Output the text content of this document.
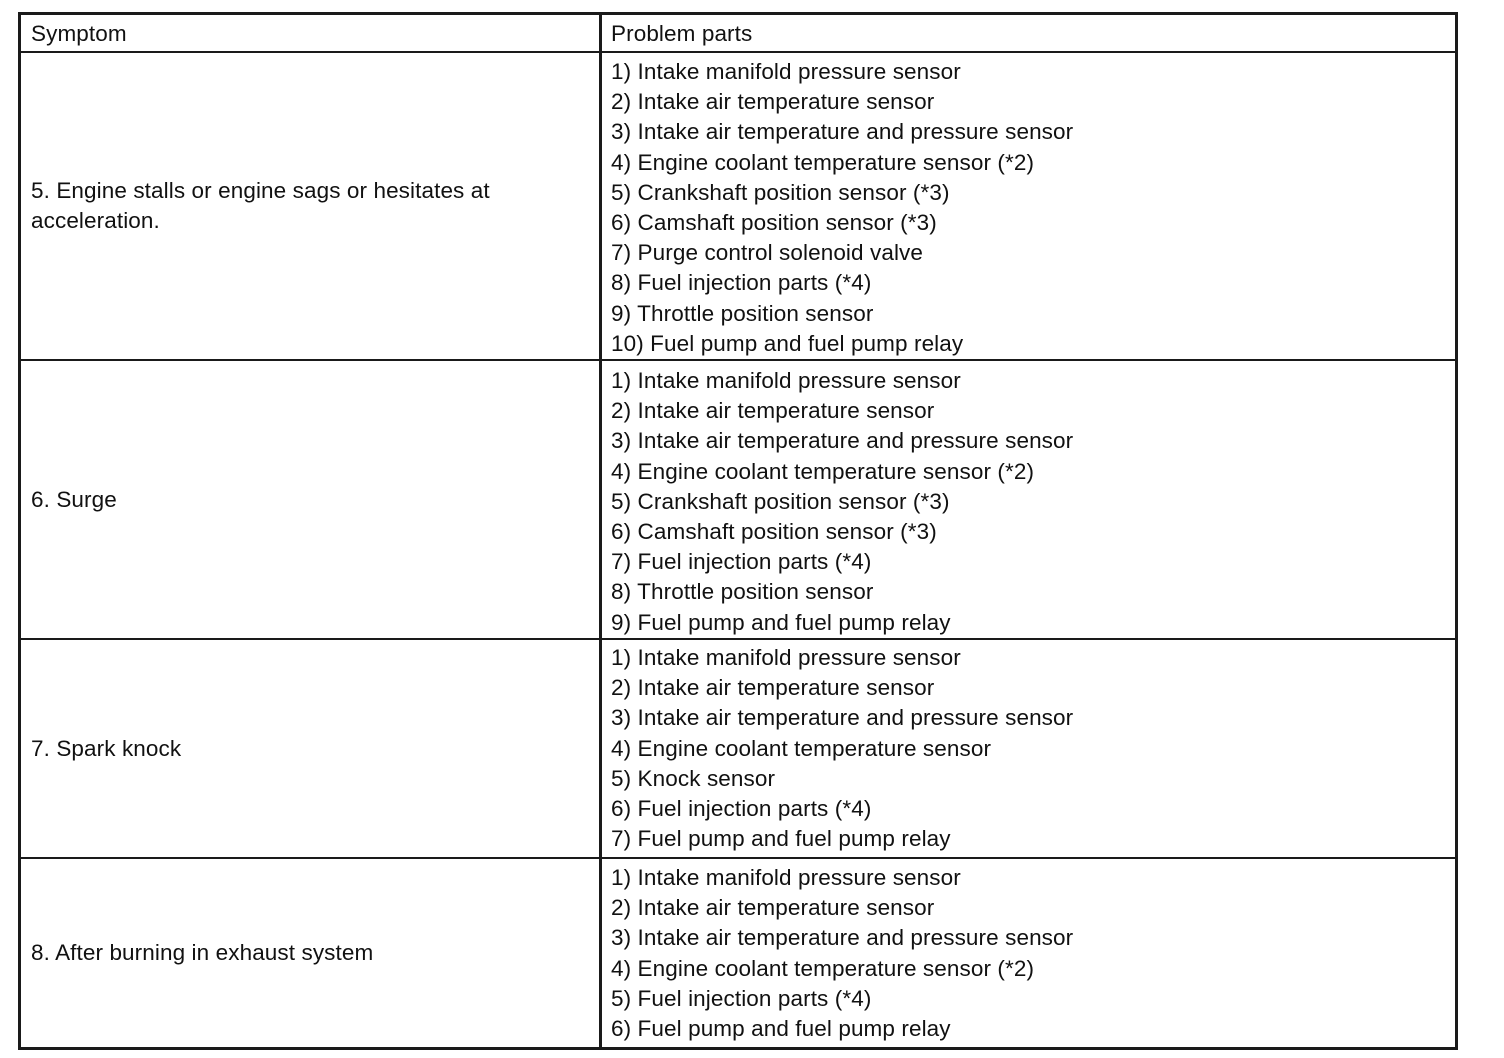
Symptom	Problem parts
5. Engine stalls or engine sags or hesitates at acceleration.
1) Intake manifold pressure sensor
2) Intake air temperature sensor
3) Intake air temperature and pressure sensor
4) Engine coolant temperature sensor (*2)
5) Crankshaft position sensor (*3)
6) Camshaft position sensor (*3)
7) Purge control solenoid valve
8) Fuel injection parts (*4)
9) Throttle position sensor
10) Fuel pump and fuel pump relay
6. Surge
1) Intake manifold pressure sensor
2) Intake air temperature sensor
3) Intake air temperature and pressure sensor
4) Engine coolant temperature sensor (*2)
5) Crankshaft position sensor (*3)
6) Camshaft position sensor (*3)
7) Fuel injection parts (*4)
8) Throttle position sensor
9) Fuel pump and fuel pump relay
7. Spark knock
1) Intake manifold pressure sensor
2) Intake air temperature sensor
3) Intake air temperature and pressure sensor
4) Engine coolant temperature sensor
5) Knock sensor
6) Fuel injection parts (*4)
7) Fuel pump and fuel pump relay
8. After burning in exhaust system
1) Intake manifold pressure sensor
2) Intake air temperature sensor
3) Intake air temperature and pressure sensor
4) Engine coolant temperature sensor (*2)
5) Fuel injection parts (*4)
6) Fuel pump and fuel pump relay
